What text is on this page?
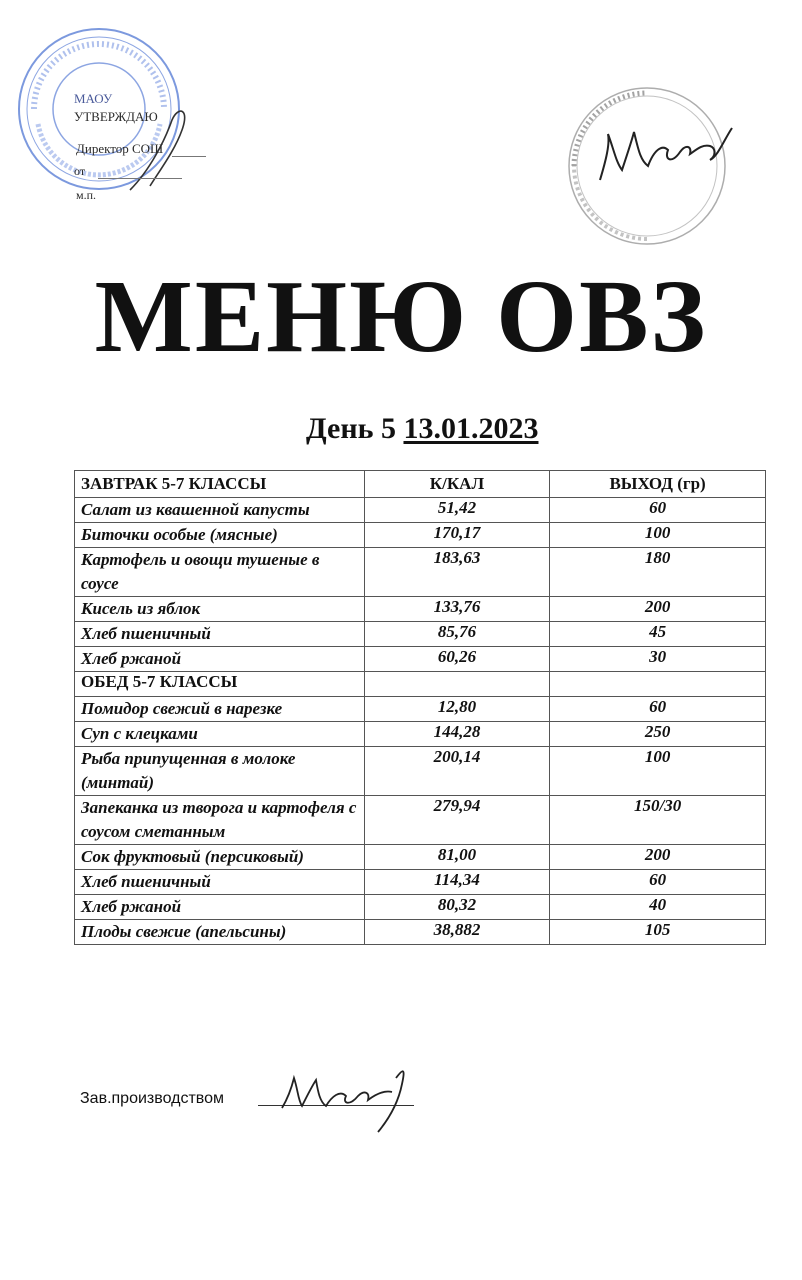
МАОУ
УТВЕРЖДАЮ
Директор СОШ
от
м.п.
МЕНЮ ОВЗ
День 5 13.01.2023
ЗАВТРАК 5-7 КЛАССЫ	К/КАЛ	ВЫХОД (гр)
Салат из квашенной капусты	51,42	60
Биточки особые (мясные)	170,17	100
Картофель и овощи тушеные в соусе	183,63	180
Кисель из яблок	133,76	200
Хлеб пшеничный	85,76	45
Хлеб ржаной	60,26	30
ОБЕД 5-7 КЛАССЫ		
Помидор свежий в нарезке	12,80	60
Суп с клецками	144,28	250
Рыба припущенная в молоке (минтай)	200,14	100
Запеканка из творога и картофеля с соусом сметанным	279,94	150/30
Сок фруктовый (персиковый)	81,00	200
Хлеб пшеничный	114,34	60
Хлеб ржаной	80,32	40
Плоды свежие (апельсины)	38,882	105
Зав.производством
